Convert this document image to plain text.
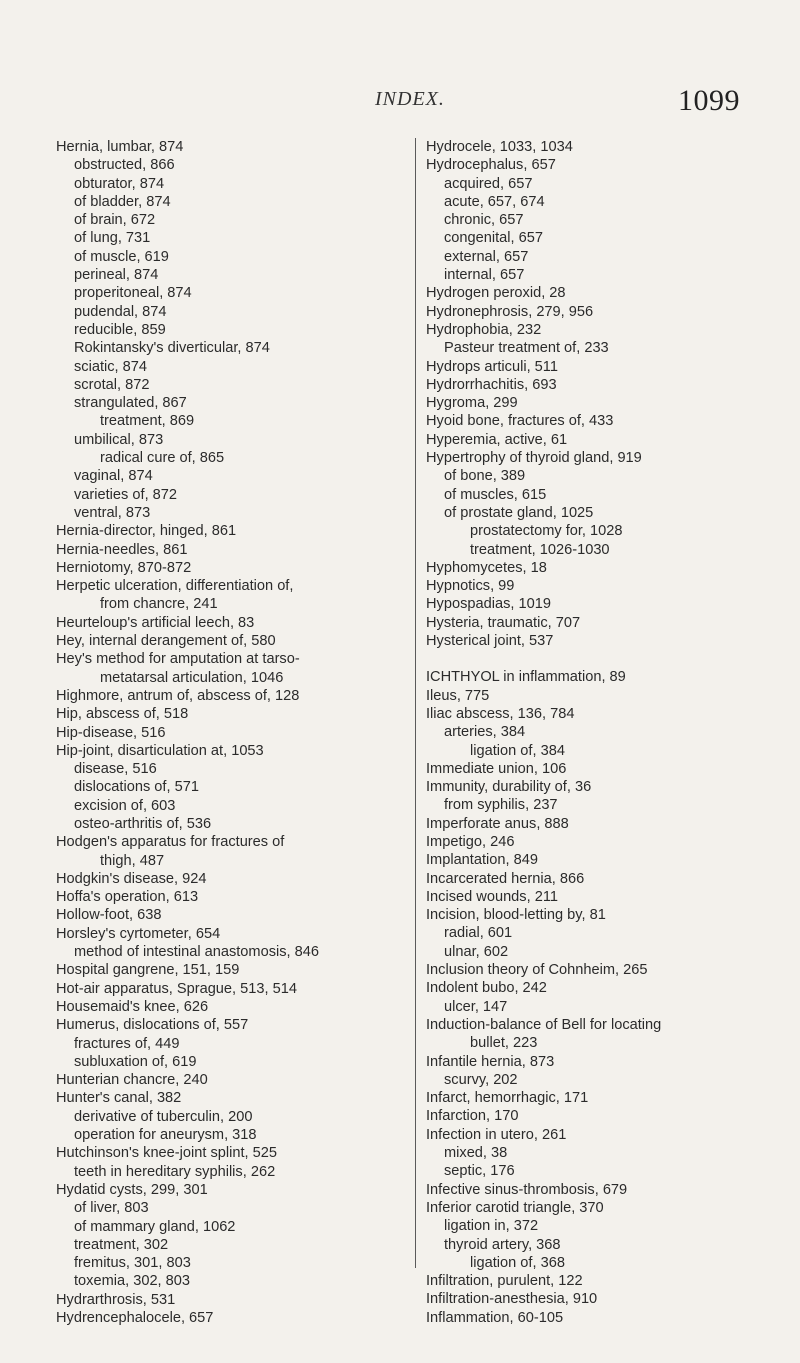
INDEX.	1099
Hernia, lumbar, 874
obstructed, 866
obturator, 874
of bladder, 874
of brain, 672
of lung, 731
of muscle, 619
perineal, 874
properitoneal, 874
pudendal, 874
reducible, 859
Rokintansky's diverticular, 874
sciatic, 874
scrotal, 872
strangulated, 867
treatment, 869
umbilical, 873
radical cure of, 865
vaginal, 874
varieties of, 872
ventral, 873
Hernia-director, hinged, 861
Hernia-needles, 861
Herniotomy, 870-872
Herpetic ulceration, differentiation of,
from chancre, 241
Heurteloup's artificial leech, 83
Hey, internal derangement of, 580
Hey's method for amputation at tarso-
metatarsal articulation, 1046
Highmore, antrum of, abscess of, 128
Hip, abscess of, 518
Hip-disease, 516
Hip-joint, disarticulation at, 1053
disease, 516
dislocations of, 571
excision of, 603
osteo-arthritis of, 536
Hodgen's apparatus for fractures of
thigh, 487
Hodgkin's disease, 924
Hoffa's operation, 613
Hollow-foot, 638
Horsley's cyrtometer, 654
method of intestinal anastomosis, 846
Hospital gangrene, 151, 159
Hot-air apparatus, Sprague, 513, 514
Housemaid's knee, 626
Humerus, dislocations of, 557
fractures of, 449
subluxation of, 619
Hunterian chancre, 240
Hunter's canal, 382
derivative of tuberculin, 200
operation for aneurysm, 318
Hutchinson's knee-joint splint, 525
teeth in hereditary syphilis, 262
Hydatid cysts, 299, 301
of liver, 803
of mammary gland, 1062
treatment, 302
fremitus, 301, 803
toxemia, 302, 803
Hydrarthrosis, 531
Hydrencephalocele, 657
Hydrocele, 1033, 1034
Hydrocephalus, 657
acquired, 657
acute, 657, 674
chronic, 657
congenital, 657
external, 657
internal, 657
Hydrogen peroxid, 28
Hydronephrosis, 279, 956
Hydrophobia, 232
Pasteur treatment of, 233
Hydrops articuli, 511
Hydrorrhachitis, 693
Hygroma, 299
Hyoid bone, fractures of, 433
Hyperemia, active, 61
Hypertrophy of thyroid gland, 919
of bone, 389
of muscles, 615
of prostate gland, 1025
prostatectomy for, 1028
treatment, 1026-1030
Hyphomycetes, 18
Hypnotics, 99
Hypospadias, 1019
Hysteria, traumatic, 707
Hysterical joint, 537
ICHTHYOL in inflammation, 89
Ileus, 775
Iliac abscess, 136, 784
arteries, 384
ligation of, 384
Immediate union, 106
Immunity, durability of, 36
from syphilis, 237
Imperforate anus, 888
Impetigo, 246
Implantation, 849
Incarcerated hernia, 866
Incised wounds, 211
Incision, blood-letting by, 81
radial, 601
ulnar, 602
Inclusion theory of Cohnheim, 265
Indolent bubo, 242
ulcer, 147
Induction-balance of Bell for locating
bullet, 223
Infantile hernia, 873
scurvy, 202
Infarct, hemorrhagic, 171
Infarction, 170
Infection in utero, 261
mixed, 38
septic, 176
Infective sinus-thrombosis, 679
Inferior carotid triangle, 370
ligation in, 372
thyroid artery, 368
ligation of, 368
Infiltration, purulent, 122
Infiltration-anesthesia, 910
Inflammation, 60-105
